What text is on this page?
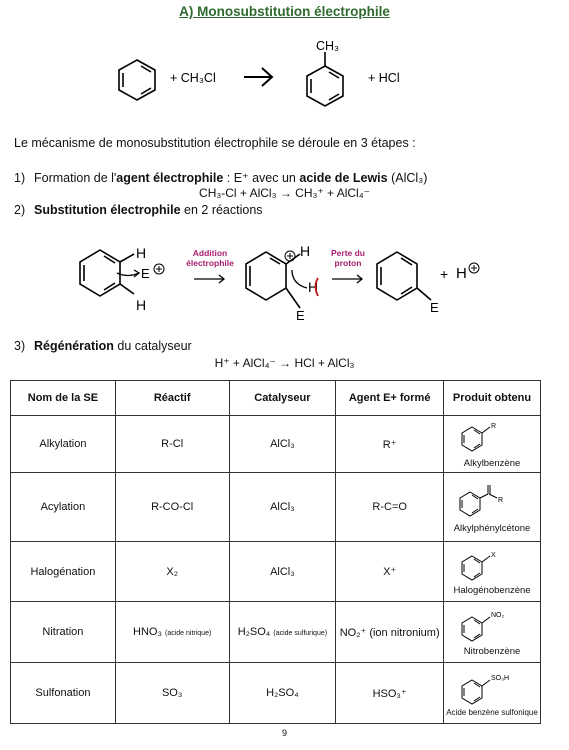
A) Monosubstitution électrophile
+ CH₃Cl
CH₃
+ HCl
Le mécanisme de monosubstitution électrophile se déroule en 3 étapes :
1) Formation de l'agent électrophile : E⁺ avec un acide de Lewis (AlCl₃)
CH₃-Cl + AlCl₃ → CH₃⁺ + AlCl₄⁻
2) Substitution électrophile en 2 réactions
H
H
E
Addition
électrophile
H
H
E
Perte du
proton
E
+ H
3) Régénération du catalyseur
H⁺ + AlCl₄⁻ → HCl + AlCl₃
Nom de la SE	Réactif	Catalyseur	Agent E+ formé	Produit obtenu
Alkylation	R-Cl	AlCl₃	R⁺	R
Alkylbenzène

Acylation	R-CO-Cl	AlCl₃	R-C=O	R
Alkylphénylcétone

Halogénation	X₂	AlCl₃	X⁺	X
Halogénobenzène

Nitration	HNO₃ (acide nitrique)	H₂SO₄ (acide sulfurique)	NO₂⁺ (ion nitronium)	NO₂
Nitrobenzène

Sulfonation	SO₃	H₂SO₄	HSO₃⁺	SO₃H
Acide benzène sulfonique
9
